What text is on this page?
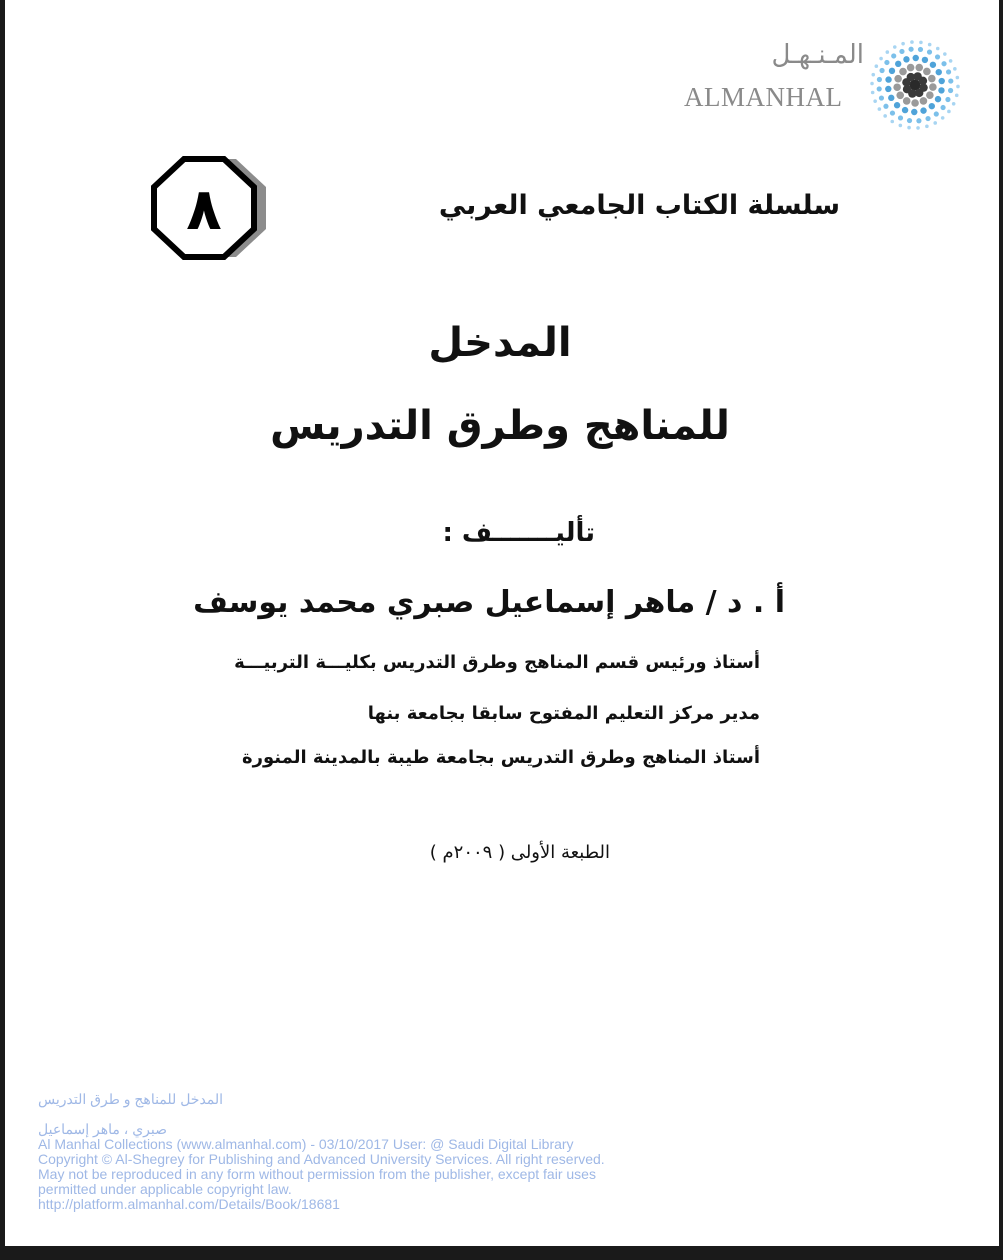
المـنـهـل
ALMANHAL
٨	سلسلة الكتاب الجامعي العربي
المدخل
للمناهج وطرق التدريس
تأليـــــــف :
أ . د / ماهر إسماعيل صبري محمد يوسف
أستاذ ورئيس قسم المناهج وطرق التدريس بكليـــة التربيـــة
مدير مركز التعليم المفتوح سابقا بجامعة بنها
أستاذ المناهج وطرق التدريس بجامعة طيبة بالمدينة المنورة
الطبعة الأولى ( ٢٠٠٩م )
المدخل للمناهج و طرق التدريس
صبري ، ماهر إسماعيل
Al Manhal Collections (www.almanhal.com) - 03/10/2017 User: @ Saudi Digital Library
Copyright © Al-Shegrey for Publishing and Advanced University Services. All right reserved.
May not be reproduced in any form without permission from the publisher, except fair uses
permitted under applicable copyright law.
http://platform.almanhal.com/Details/Book/18681
